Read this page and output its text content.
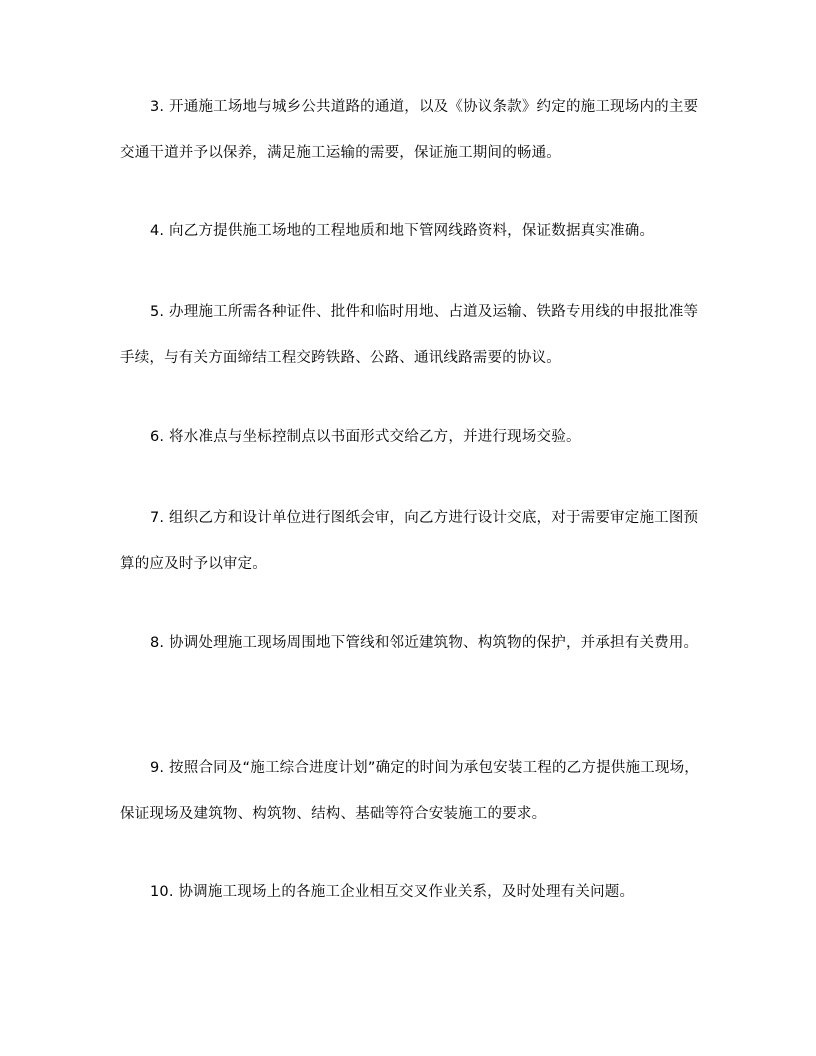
3. 开通施工场地与城乡公共道路的通道，以及《协议条款》约定的施工现场内的主要交通干道并予以保养，满足施工运输的需要，保证施工期间的畅通。

4. 向乙方提供施工场地的工程地质和地下管网线路资料，保证数据真实准确。

5. 办理施工所需各种证件、批件和临时用地、占道及运输、铁路专用线的申报批准等手续，与有关方面缔结工程交跨铁路、公路、通讯线路需要的协议。

6. 将水准点与坐标控制点以书面形式交给乙方，并进行现场交验。

7. 组织乙方和设计单位进行图纸会审，向乙方进行设计交底，对于需要审定施工图预算的应及时予以审定。

8. 协调处理施工现场周围地下管线和邻近建筑物、构筑物的保护，并承担有关费用。

9. 按照合同及“施工综合进度计划”确定的时间为承包安装工程的乙方提供施工现场，保证现场及建筑物、构筑物、结构、基础等符合安装施工的要求。

10. 协调施工现场上的各施工企业相互交叉作业关系，及时处理有关问题。
